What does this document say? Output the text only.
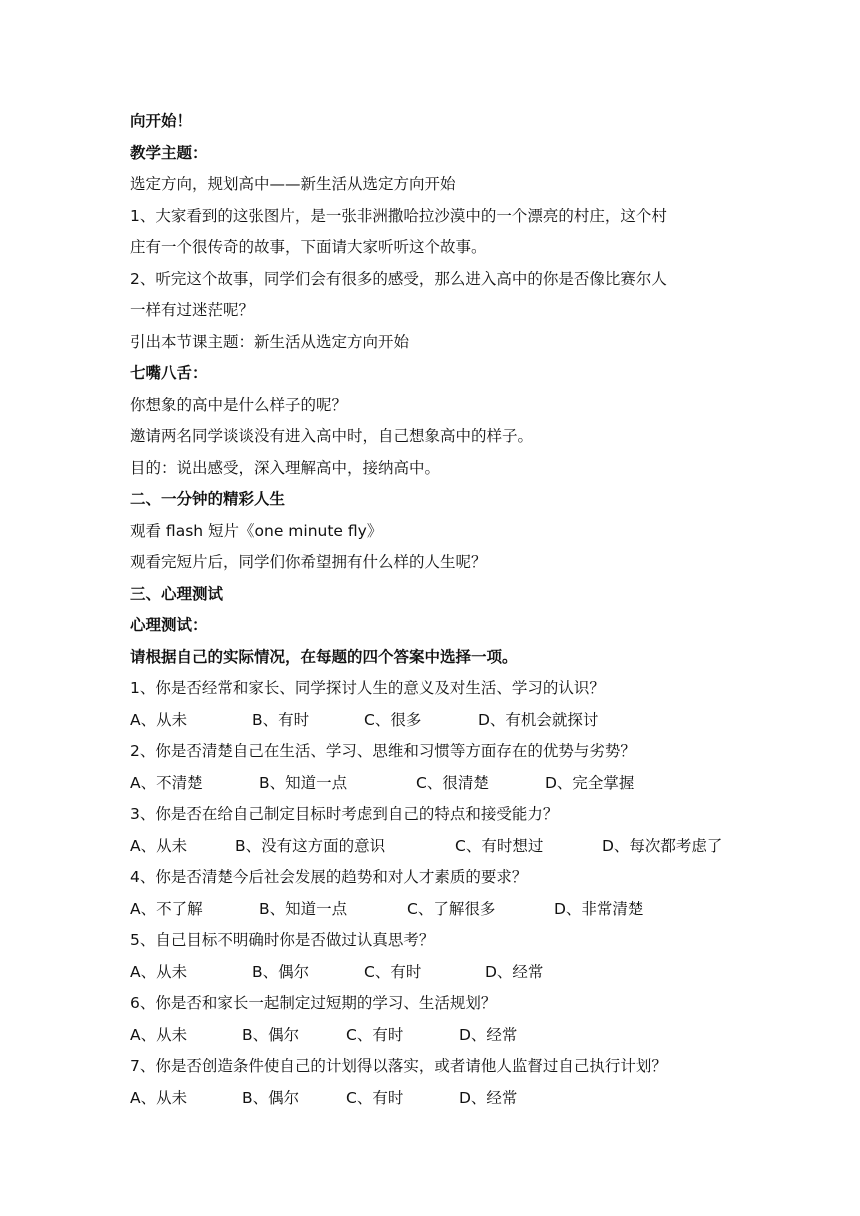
向开始！
教学主题：
选定方向，规划高中——新生活从选定方向开始
1、大家看到的这张图片，是一张非洲撒哈拉沙漠中的一个漂亮的村庄，这个村
庄有一个很传奇的故事，下面请大家听听这个故事。
2、听完这个故事，同学们会有很多的感受，那么进入高中的你是否像比赛尔人
一样有过迷茫呢？
引出本节课主题：新生活从选定方向开始
七嘴八舌：
你想象的高中是什么样子的呢？
邀请两名同学谈谈没有进入高中时，自己想象高中的样子。
目的：说出感受，深入理解高中，接纳高中。
二、一分钟的精彩人生
观看 flash 短片《one minute fly》
观看完短片后，同学们你希望拥有什么样的人生呢？
三、心理测试
心理测试：
请根据自己的实际情况，在每题的四个答案中选择一项。
1、你是否经常和家长、同学探讨人生的意义及对生活、学习的认识？
A、从未	B、有时	C、很多	D、有机会就探讨
2、你是否清楚自己在生活、学习、思维和习惯等方面存在的优势与劣势？
A、不清楚	B、知道一点	C、很清楚	D、完全掌握
3、你是否在给自己制定目标时考虑到自己的特点和接受能力？
A、从未	B、没有这方面的意识	C、有时想过	D、每次都考虑了
4、你是否清楚今后社会发展的趋势和对人才素质的要求？
A、不了解	B、知道一点	C、了解很多	D、非常清楚
5、自己目标不明确时你是否做过认真思考？
A、从未	B、偶尔	C、有时	D、经常
6、你是否和家长一起制定过短期的学习、生活规划？
A、从未	B、偶尔	C、有时	D、经常
7、你是否创造条件使自己的计划得以落实，或者请他人监督过自己执行计划？
A、从未	B、偶尔	C、有时	D、经常
